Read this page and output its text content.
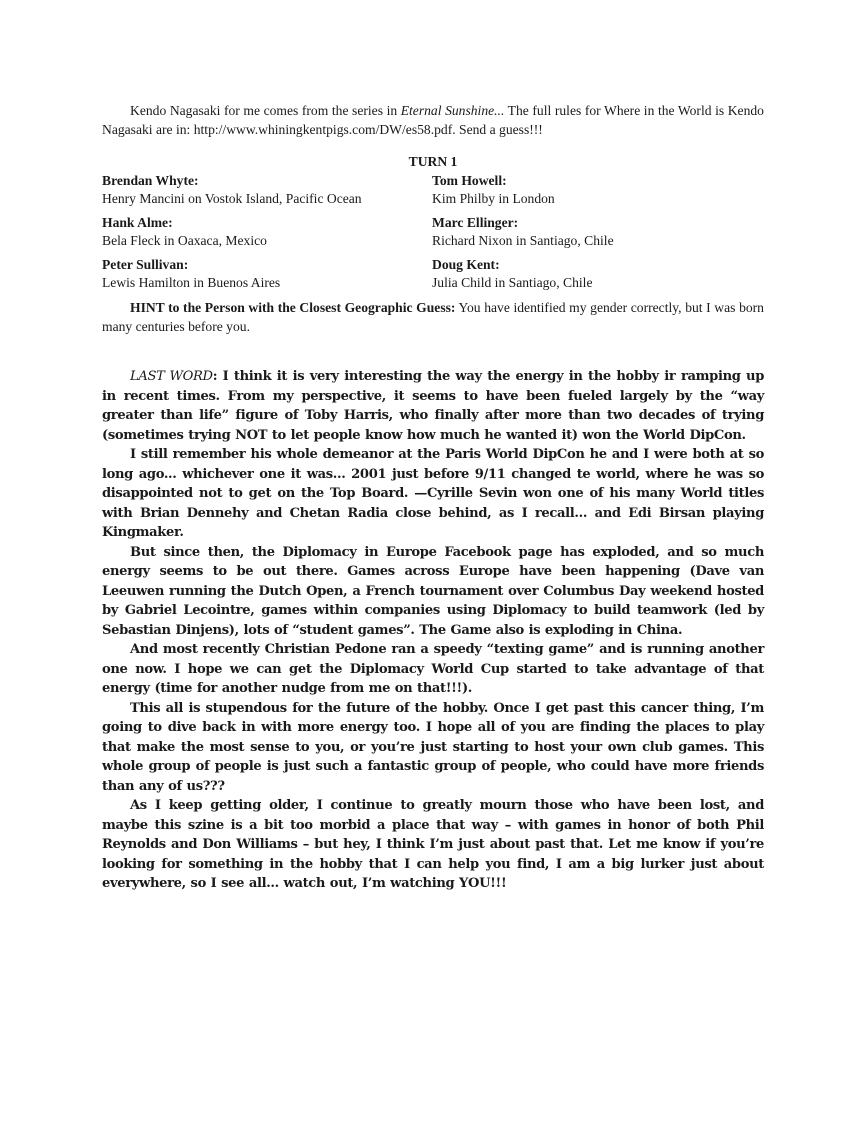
Kendo Nagasaki for me comes from the series in Eternal Sunshine... The full rules for Where in the World is Kendo Nagasaki are in: http://www.whiningkentpigs.com/DW/es58.pdf. Send a guess!!!

TURN 1
Brendan Whyte:
Henry Mancini on Vostok Island, Pacific Ocean
Tom Howell:
Kim Philby in London
Hank Alme:
Bela Fleck in Oaxaca, Mexico
Marc Ellinger:
Richard Nixon in Santiago, Chile
Peter Sullivan:
Lewis Hamilton in Buenos Aires
Doug Kent:
Julia Child in Santiago, Chile

HINT to the Person with the Closest Geographic Guess: You have identified my gender correctly, but I was born many centuries before you.

LAST WORD: I think it is very interesting the way the energy in the hobby ir ramping up in recent times. From my perspective, it seems to have been fueled largely by the “way greater than life” figure of Toby Harris, who finally after more than two decades of trying (sometimes trying NOT to let people know how much he wanted it) won the World DipCon.

I still remember his whole demeanor at the Paris World DipCon he and I were both at so long ago... whichever one it was... 2001 just before 9/11 changed te world, where he was so disappointed not to get on the Top Board. —Cyrille Sevin won one of his many World titles with Brian Dennehy and Chetan Radia close behind, as I recall... and Edi Birsan playing Kingmaker.

But since then, the Diplomacy in Europe Facebook page has exploded, and so much energy seems to be out there. Games across Europe have been happening (Dave van Leeuwen running the Dutch Open, a French tournament over Columbus Day weekend hosted by Gabriel Lecointre, games within companies using Diplomacy to build teamwork (led by Sebastian Dinjens), lots of “student games”. The Game also is exploding in China.

And most recently Christian Pedone ran a speedy “texting game” and is running another one now. I hope we can get the Diplomacy World Cup started to take advantage of that energy (time for another nudge from me on that!!!).

This all is stupendous for the future of the hobby. Once I get past this cancer thing, I’m going to dive back in with more energy too. I hope all of you are finding the places to play that make the most sense to you, or you’re just starting to host your own club games. This whole group of people is just such a fantastic group of people, who could have more friends than any of us???

As I keep getting older, I continue to greatly mourn those who have been lost, and maybe this szine is a bit too morbid a place that way – with games in honor of both Phil Reynolds and Don Williams – but hey, I think I’m just about past that. Let me know if you’re looking for something in the hobby that I can help you find, I am a big lurker just about everywhere, so I see all... watch out, I’m watching YOU!!!
